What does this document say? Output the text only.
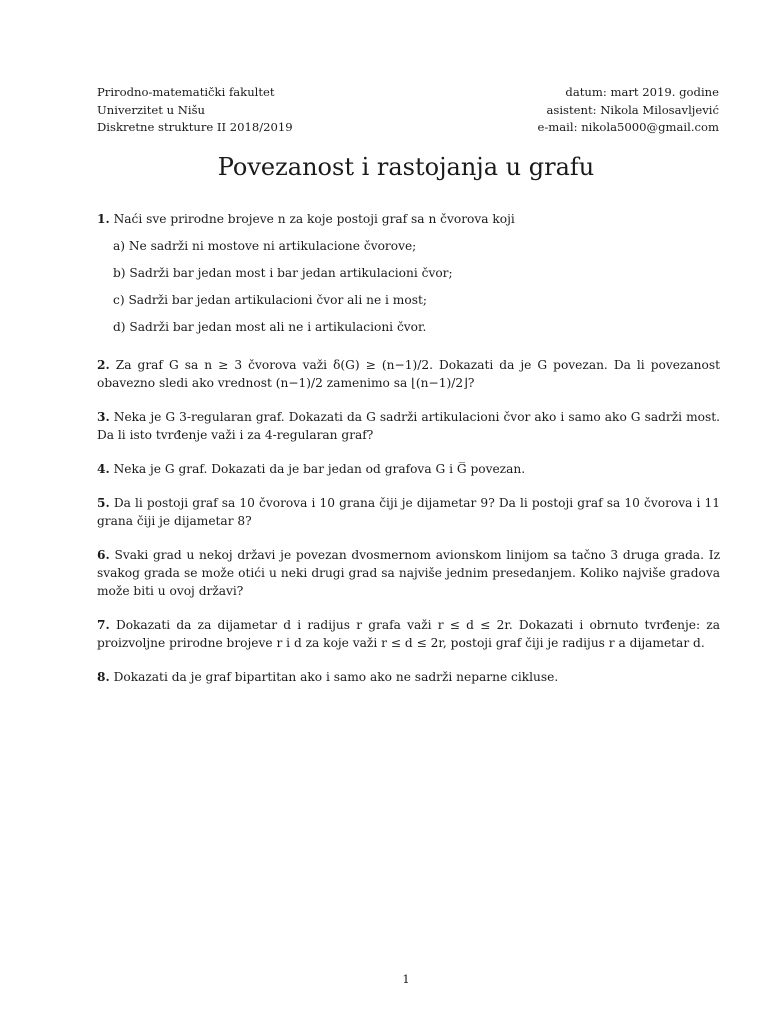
Prirodno-matematički fakultet
Univerzitet u Nišu
Diskretne strukture II 2018/2019
datum: mart 2019. godine
asistent: Nikola Milosavljević
e-mail: nikola5000@gmail.com
Povezanost i rastojanja u grafu

1. Naći sve prirodne brojeve n za koje postoji graf sa n čvorova koji

a) Ne sadrži ni mostove ni artikulacione čvorove;
b) Sadrži bar jedan most i bar jedan artikulacioni čvor;
c) Sadrži bar jedan artikulacioni čvor ali ne i most;
d) Sadrži bar jedan most ali ne i artikulacioni čvor.

2. Za graf G sa n ≥ 3 čvorova važi δ(G) ≥ (n−1)/2. Dokazati da je G povezan. Da li povezanost obavezno sledi ako vrednost (n−1)/2 zamenimo sa ⌊(n−1)/2⌋?

3. Neka je G 3-regularan graf. Dokazati da G sadrži artikulacioni čvor ako i samo ako G sadrži most. Da li isto tvrđenje važi i za 4-regularan graf?

4. Neka je G graf. Dokazati da je bar jedan od grafova G i G̅ povezan.

5. Da li postoji graf sa 10 čvorova i 10 grana čiji je dijametar 9? Da li postoji graf sa 10 čvorova i 11 grana čiji je dijametar 8?

6. Svaki grad u nekoj državi je povezan dvosmernom avionskom linijom sa tačno 3 druga grada. Iz svakog grada se može otići u neki drugi grad sa najviše jednim presedanjem. Koliko najviše gradova može biti u ovoj državi?

7. Dokazati da za dijametar d i radijus r grafa važi r ≤ d ≤ 2r. Dokazati i obrnuto tvrđenje: za proizvoljne prirodne brojeve r i d za koje važi r ≤ d ≤ 2r, postoji graf čiji je radijus r a dijametar d.

8. Dokazati da je graf bipartitan ako i samo ako ne sadrži neparne cikluse.

1
